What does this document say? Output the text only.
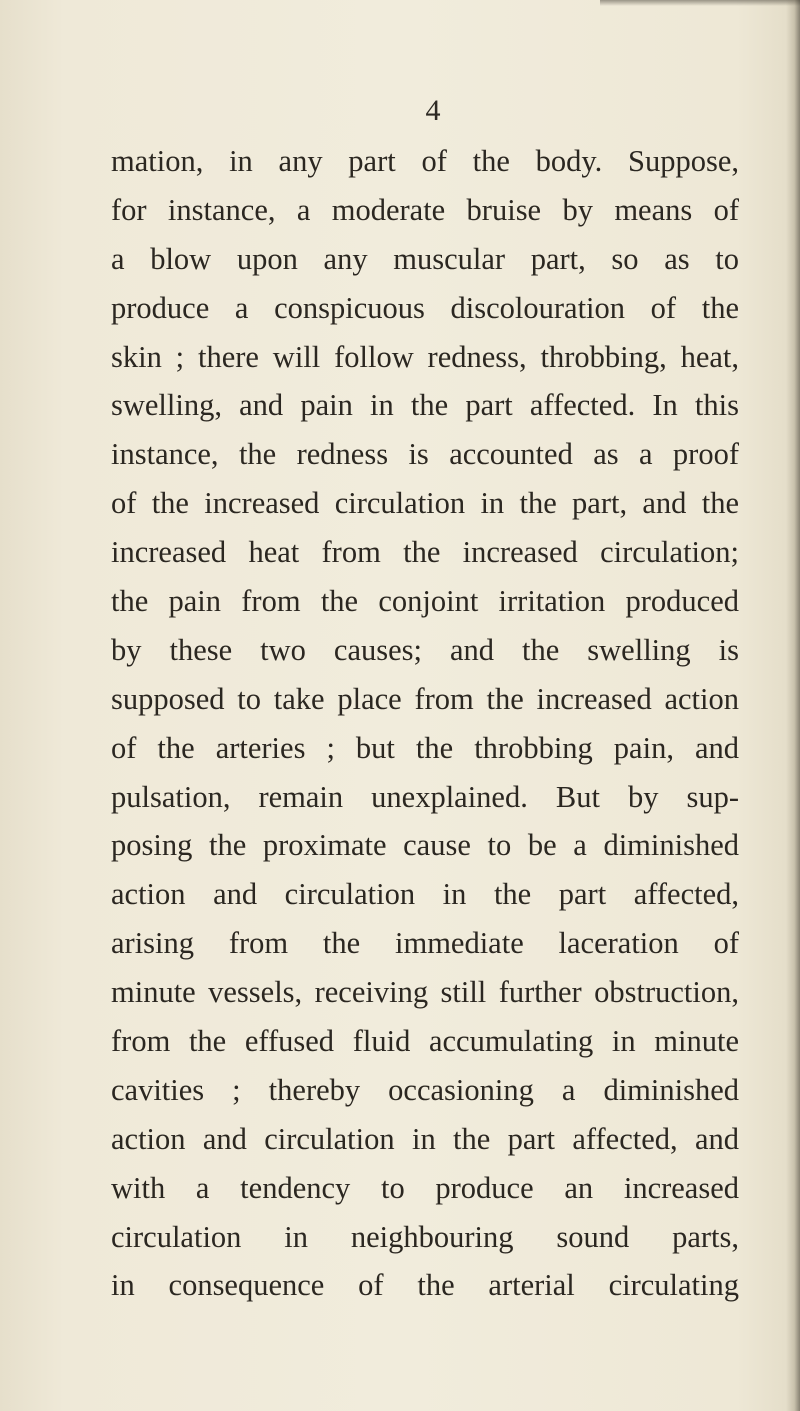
4
mation, in any part of the body. Suppose,
for instance, a moderate bruise by means of
a blow upon any muscular part, so as to
produce a conspicuous discolouration of the
skin ; there will follow redness, throbbing, heat,
swelling, and pain in the part affected. In this
instance, the redness is accounted as a proof
of the increased circulation in the part, and the
increased heat from the increased circulation;
the pain from the conjoint irritation produced
by these two causes; and the swelling is
supposed to take place from the increased action
of the arteries ; but the throbbing pain, and
pulsation, remain unexplained. But by sup-
posing the proximate cause to be a diminished
action and circulation in the part affected,
arising from the immediate laceration of
minute vessels, receiving still further obstruction,
from the effused fluid accumulating in minute
cavities ; thereby occasioning a diminished
action and circulation in the part affected, and
with a tendency to produce an increased
circulation in neighbouring sound parts,
in consequence of the arterial circulating
